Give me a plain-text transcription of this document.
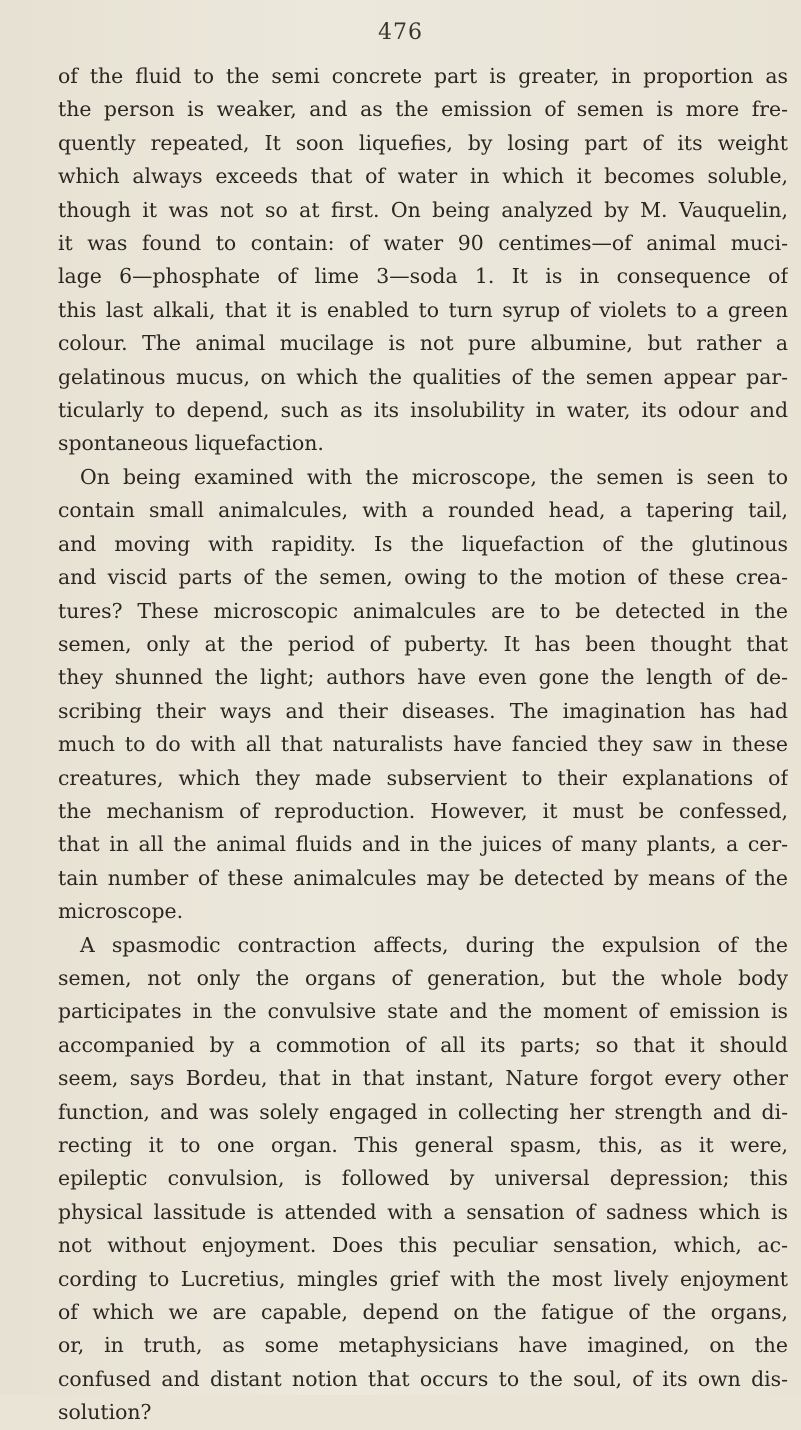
476
of the fluid to the semi concrete part is greater, in proportion as
the person is weaker, and as the emission of semen is more fre-
quently repeated, It soon liquefies, by losing part of its weight
which always exceeds that of water in which it becomes soluble,
though it was not so at first. On being analyzed by M. Vauquelin,
it was found to contain: of water 90 centimes—of animal muci-
lage 6—phosphate of lime 3—soda 1. It is in consequence of
this last alkali, that it is enabled to turn syrup of violets to a green
colour. The animal mucilage is not pure albumine, but rather a
gelatinous mucus, on which the qualities of the semen appear par-
ticularly to depend, such as its insolubility in water, its odour and
spontaneous liquefaction.
On being examined with the microscope, the semen is seen to
contain small animalcules, with a rounded head, a tapering tail,
and moving with rapidity. Is the liquefaction of the glutinous
and viscid parts of the semen, owing to the motion of these crea-
tures? These microscopic animalcules are to be detected in the
semen, only at the period of puberty. It has been thought that
they shunned the light; authors have even gone the length of de-
scribing their ways and their diseases. The imagination has had
much to do with all that naturalists have fancied they saw in these
creatures, which they made subservient to their explanations of
the mechanism of reproduction. However, it must be confessed,
that in all the animal fluids and in the juices of many plants, a cer-
tain number of these animalcules may be detected by means of the
microscope.
A spasmodic contraction affects, during the expulsion of the
semen, not only the organs of generation, but the whole body
participates in the convulsive state and the moment of emission is
accompanied by a commotion of all its parts; so that it should
seem, says Bordeu, that in that instant, Nature forgot every other
function, and was solely engaged in collecting her strength and di-
recting it to one organ. This general spasm, this, as it were,
epileptic convulsion, is followed by universal depression; this
physical lassitude is attended with a sensation of sadness which is
not without enjoyment. Does this peculiar sensation, which, ac-
cording to Lucretius, mingles grief with the most lively enjoyment
of which we are capable, depend on the fatigue of the organs,
or, in truth, as some metaphysicians have imagined, on the
confused and distant notion that occurs to the soul, of its own dis-
solution?
